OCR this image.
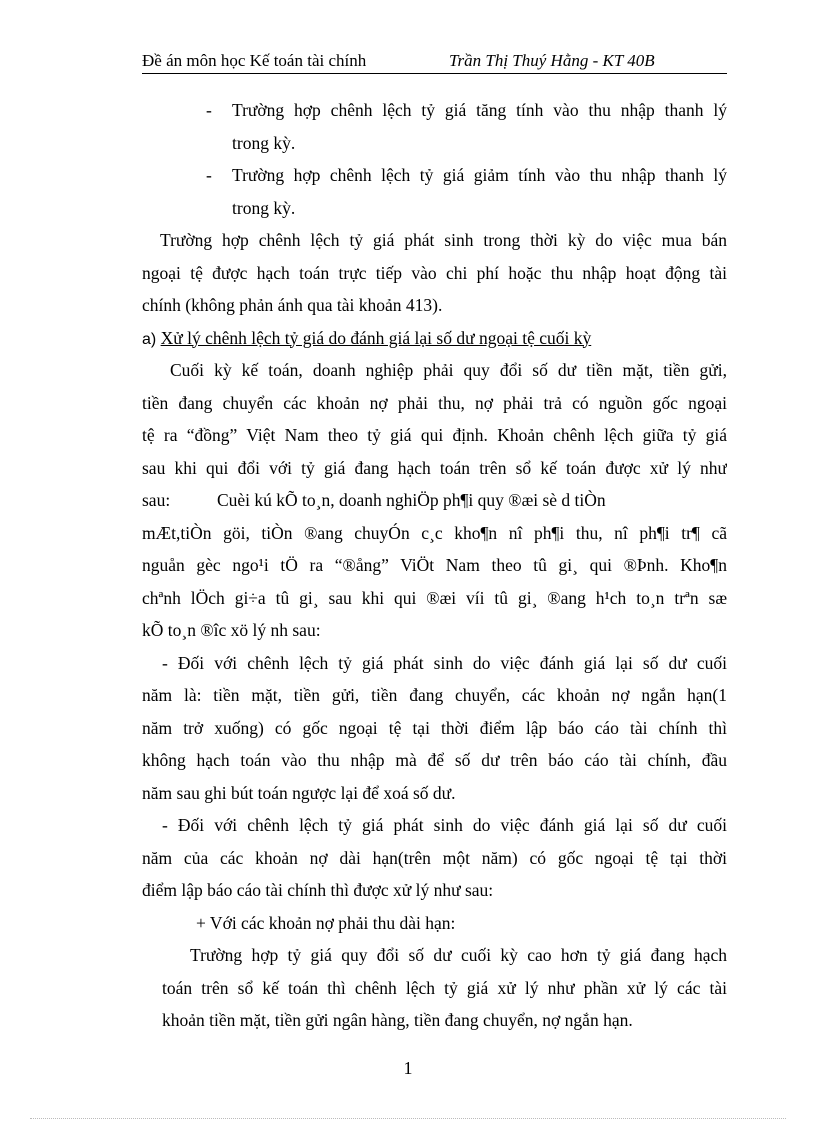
Đề án môn học Kế toán tài chính	Trần Thị Thuý Hằng - KT 40B
- Trường hợp chênh lệch tỷ giá tăng tính vào thu nhập thanh lý
trong kỳ.
- Trường hợp chênh lệch tỷ giá giảm tính vào thu nhập thanh lý
trong kỳ.
Trường hợp chênh lệch tỷ giá phát sinh trong thời kỳ do việc mua bán
ngoại tệ được hạch toán trực tiếp vào chi phí hoặc thu nhập hoạt động tài
chính (không phản ánh qua tài khoản 413).
a) Xử lý chênh lệch tỷ giá do đánh giá lại số dư ngoại tệ cuối kỳ
Cuối kỳ kế toán, doanh nghiệp phải quy đổi số dư tiền mặt, tiền gửi,
tiền đang chuyển các khoản nợ phải thu, nợ phải trả có nguồn gốc ngoại
tệ ra “đồng” Việt Nam theo tỷ giá qui định. Khoản chênh lệch giữa tỷ giá
sau khi qui đổi với tỷ giá đang hạch toán trên sổ kế toán được xử lý như
sau:	Cuèi kú kÕ to¸n, doanh nghiÖp ph¶i quy ®æi sè d tiÒn
mÆt,tiÒn göi, tiÒn ®ang chuyÓn c¸c kho¶n nî ph¶i thu, nî ph¶i tr¶ cã
nguån gèc ngo¹i tÖ ra “®ång” ViÖt Nam theo tû gi¸ qui ®Þnh. Kho¶n
chªnh lÖch gi÷a tû gi¸ sau khi qui ®æi víi tû gi¸ ®ang h¹ch to¸n trªn sæ
kÕ to¸n ®îc xö lý nh sau:
- Đối với chênh lệch tỷ giá phát sinh do việc đánh giá lại số dư cuối
năm là: tiền mặt, tiền gửi, tiền đang chuyển, các khoản nợ ngắn hạn(1
năm trở xuống) có gốc ngoại tệ tại thời điểm lập báo cáo tài chính thì
không hạch toán vào thu nhập mà để số dư trên báo cáo tài chính, đầu
năm sau ghi bút toán ngược lại để xoá số dư.
- Đối với chênh lệch tỷ giá phát sinh do việc đánh giá lại số dư cuối
năm của các khoản nợ dài hạn(trên một năm) có gốc ngoại tệ tại thời
điểm lập báo cáo tài chính thì được xử lý như sau:
+ Với các khoản nợ phải thu dài hạn:
Trường hợp tỷ giá quy đổi số dư cuối kỳ cao hơn tỷ giá đang hạch
toán trên sổ kế toán thì chênh lệch tỷ giá xử lý như phần xử lý các tài
khoản tiền mặt, tiền gửi ngân hàng, tiền đang chuyển, nợ ngắn hạn.
1
